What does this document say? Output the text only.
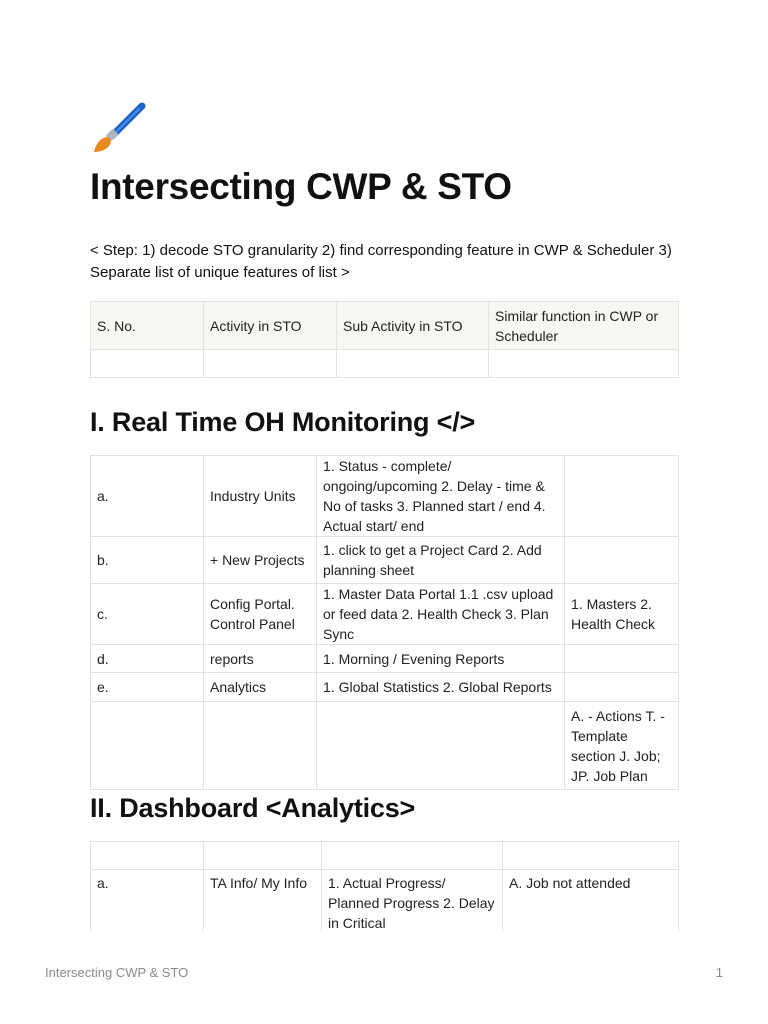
Intersecting CWP & STO

< Step: 1) decode STO granularity 2) find corresponding feature in CWP & Scheduler 3) Separate list of unique features of list >

S. No.	Activity in STO	Sub Activity in STO	Similar function in CWP or Scheduler

I. Real Time OH Monitoring </>
a.	Industry Units	1. Status - complete/ ongoing/upcoming 2. Delay - time & No of tasks 3. Planned start / end 4. Actual start/ end	
b.	+ New Projects	1. click to get a Project Card 2. Add planning sheet	
c.	Config Portal. Control Panel	1. Master Data Portal 1.1 .csv upload or feed data 2. Health Check 3. Plan Sync	1. Masters 2. Health Check
d.	reports	1. Morning / Evening Reports	
e.	Analytics	1. Global Statistics 2. Global Reports	
			A. - Actions T. - Template section J. Job; JP. Job Plan
II. Dashboard <Analytics>

a.	TA Info/ My Info	1. Actual Progress/ Planned Progress 2. Delay in Critical	A. Job not attended
Intersecting CWP & STO	1
